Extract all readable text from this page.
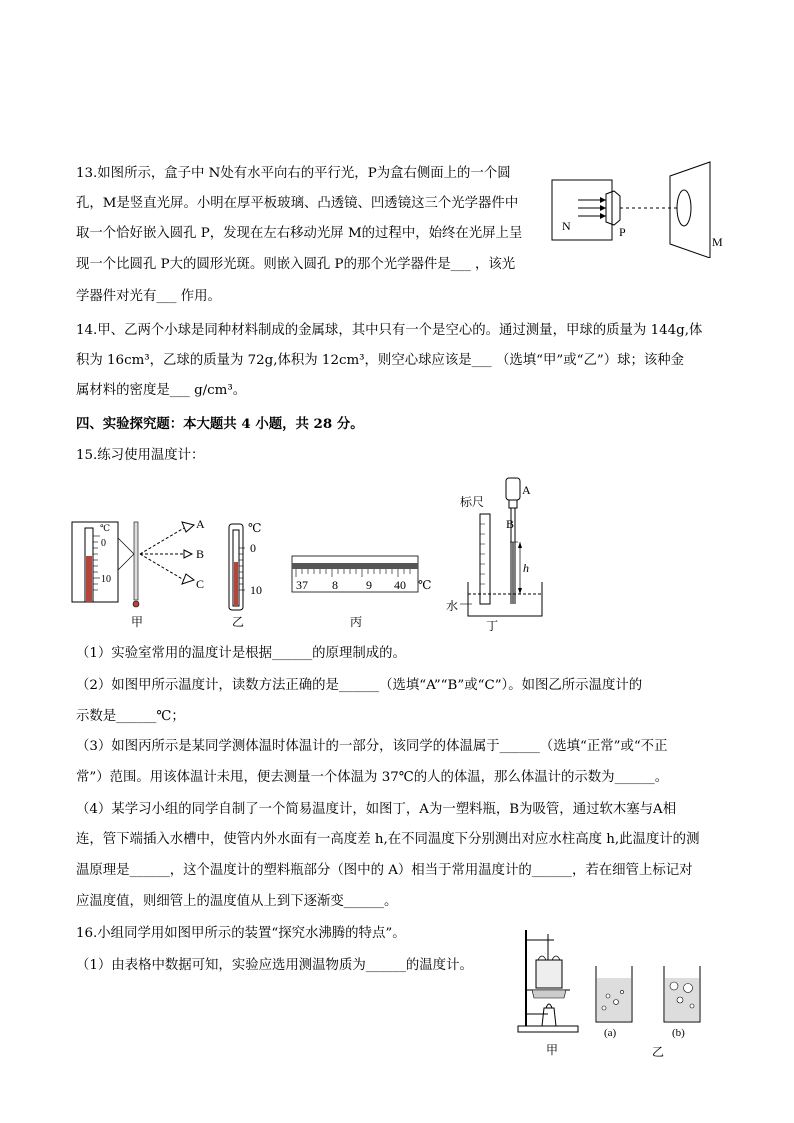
13.如图所示，盒子中 N处有水平向右的平行光，P为盒右侧面上的一个圆
孔，M是竖直光屏。小明在厚平板玻璃、凸透镜、凹透镜这三个光学器件中
取一个恰好嵌入圆孔 P，发现在左右移动光屏 M的过程中，始终在光屏上呈
现一个比圆孔 P大的圆形光斑。则嵌入圆孔 P的那个光学器件是___ ，该光
学器件对光有___ 作用。
N	P
M
14.甲、乙两个小球是同种材料制成的金属球，其中只有一个是空心的。通过测量，甲球的质量为 144g,体
积为 16cm³，乙球的质量为 72g,体积为 12cm³，则空心球应该是___ （选填“甲”或“乙”）球；该种金
属材料的密度是___ g/cm³。
四、实验探究题：本大题共 4 小题，共 28 分。
15.练习使用温度计：
℃
0
10
A
B
C
甲
℃
0
10
乙
37 8 9 40 ℃
丙
A
B
h
标尺
水
丁
（1）实验室常用的温度计是根据______的原理制成的。
（2）如图甲所示温度计，读数方法正确的是______（选填“A”“B”或“C”）。如图乙所示温度计的
示数是______℃；
（3）如图丙所示是某同学测体温时体温计的一部分，该同学的体温属于______（选填“正常”或“不正
常”）范围。用该体温计未甩，便去测量一个体温为 37℃的人的体温，那么体温计的示数为______。
（4）某学习小组的同学自制了一个简易温度计，如图丁，A为一塑料瓶，B为吸管，通过软木塞与A相
连，管下端插入水槽中，使管内外水面有一高度差 h,在不同温度下分别测出对应水柱高度 h,此温度计的测
温原理是______，这个温度计的塑料瓶部分（图中的 A）相当于常用温度计的______，若在细管上标记对
应温度值，则细管上的温度值从上到下逐渐变______。
16.小组同学用如图甲所示的装置“探究水沸腾的特点”。
（1）由表格中数据可知，实验应选用测温物质为______的温度计。
(a)	(b)
甲	乙
